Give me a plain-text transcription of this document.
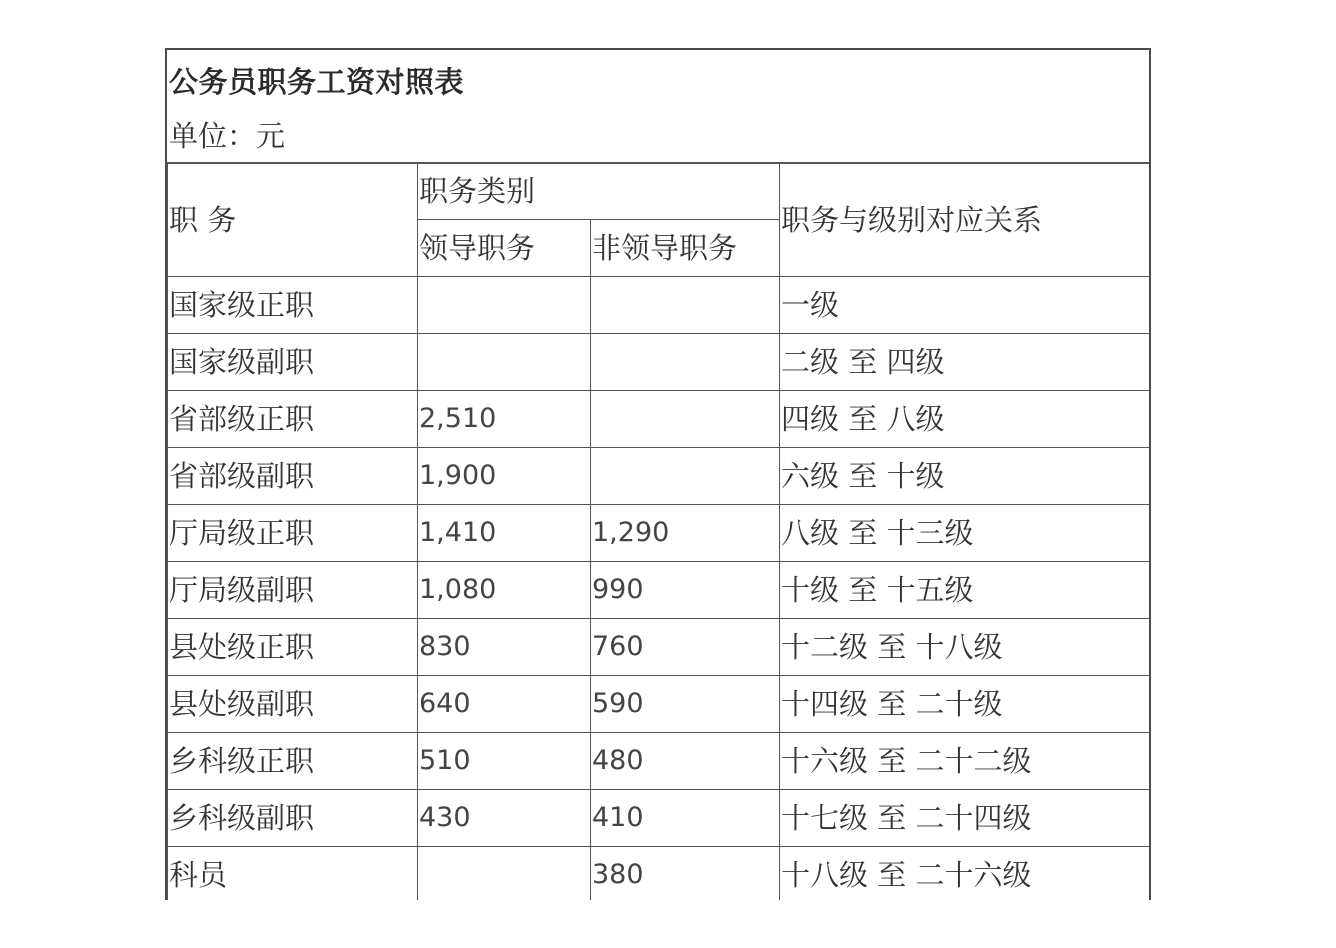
公务员职务工资对照表
单位：元
职 务	职务类别		职务与级别对应关系
	领导职务	非领导职务	
国家级正职			一级
国家级副职			二级 至 四级
省部级正职	2,510		四级 至 八级
省部级副职	1,900		六级 至 十级
厅局级正职	1,410	1,290	八级 至 十三级
厅局级副职	1,080	990	十级 至 十五级
县处级正职	830	760	十二级 至 十八级
县处级副职	640	590	十四级 至 二十级
乡科级正职	510	480	十六级 至 二十二级
乡科级副职	430	410	十七级 至 二十四级
科员		380	十八级 至 二十六级
